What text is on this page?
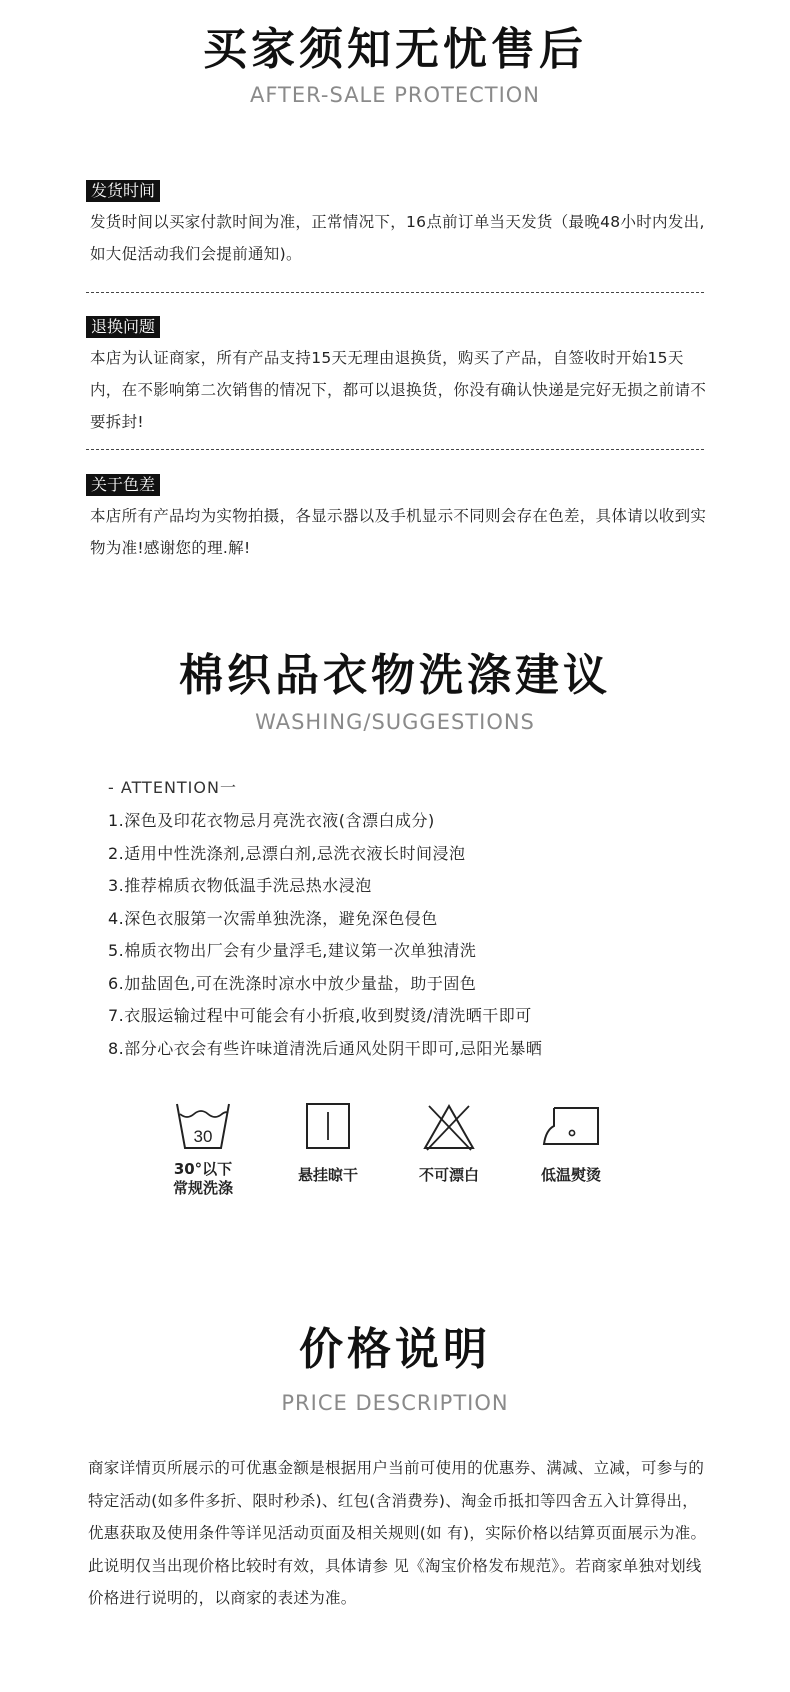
买家须知无忧售后
AFTER-SALE PROTECTION
发货时间
发货时间以买家付款时间为准，正常情况下，16点前订单当天发货（最晚48小时内发出,如大促活动我们会提前通知)。
退换问题
本店为认证商家，所有产品支持15天无理由退换货，购买了产品，自签收时开始15天内，在不影响第二次销售的情况下，都可以退换货，你没有确认快递是完好无损之前请不要拆封!
关于色差
本店所有产品均为实物拍摄，各显示器以及手机显示不同则会存在色差，具体请以收到实物为准!感谢您的理.解!
棉织品衣物洗涤建议
WASHING/SUGGESTIONS
- ATTENTION一
1.深色及印花衣物忌月亮洗衣液(含漂白成分)
2.适用中性洗涤剂,忌漂白剂,忌洗衣液长时间浸泡
3.推荐棉质衣物低温手洗忌热水浸泡
4.深色衣服第一次需单独洗涤，避免深色侵色
5.棉质衣物出厂会有少量浮毛,建议第一次单独清洗
6.加盐固色,可在洗涤时凉水中放少量盐，助于固色
7.衣服运输过程中可能会有小折痕,收到熨烫/清洗晒干即可
8.部分心衣会有些许味道清洗后通风处阴干即可,忌阳光暴晒
30
30°以下
常规洗涤
悬挂晾干	不可漂白	低温熨烫
价格说明
PRICE DESCRIPTION

商家详情页所展示的可优惠金额是根据用户当前可使用的优惠券、满减、立减，可参与的特定活动(如多件多折、限时秒杀)、红包(含消费券)、淘金币抵扣等四舍五入计算得出，优惠获取及使用条件等详见活动页面及相关规则(如 有)，实际价格以结算页面展示为准。

此说明仅当出现价格比较时有效，具体请参 见《淘宝价格发布规范》。若商家单独对划线价格进行说明的，以商家的表述为准。
